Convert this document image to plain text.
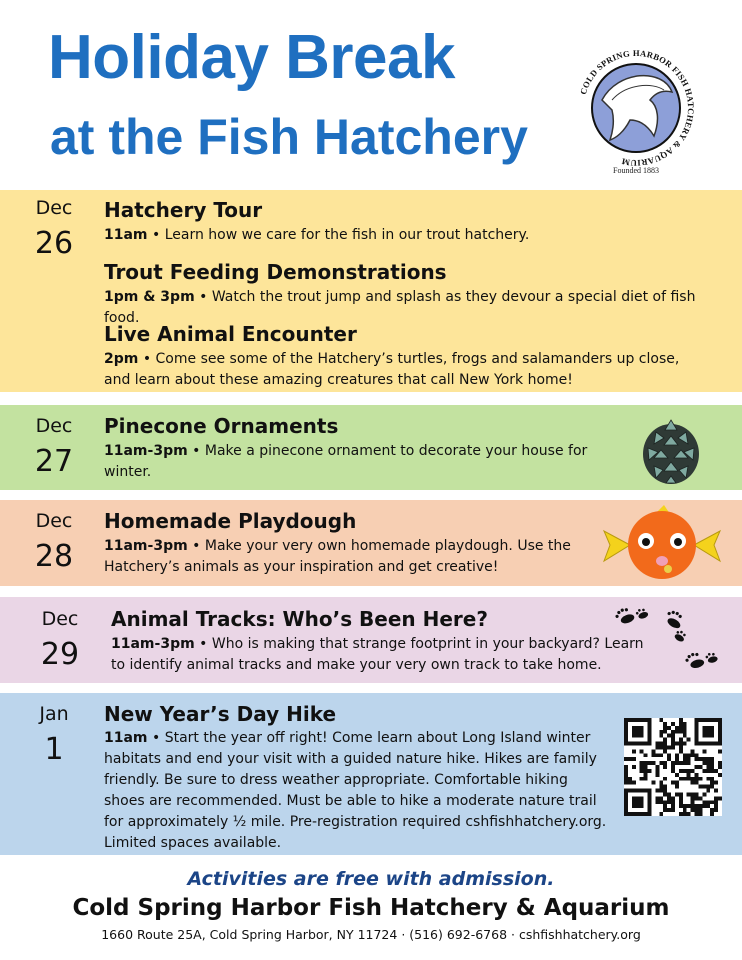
Holiday Break
at the Fish Hatchery
COLD SPRING HARBOR FISH HATCHERY & AQUARIUM
Founded 1883
Dec
26
Hatchery Tour
11am • Learn how we care for the fish in our trout hatchery.
Trout Feeding Demonstrations
1pm & 3pm • Watch the trout jump and splash as they devour a special diet of fish food.
Live Animal Encounter
2pm • Come see some of the Hatchery’s turtles, frogs and salamanders up close, and learn about these amazing creatures that call New York home!
Dec
27
Pinecone Ornaments
11am-3pm • Make a pinecone ornament to decorate your house for winter.
Dec
28
Homemade Playdough
11am-3pm • Make your very own homemade playdough. Use the Hatchery’s animals as your inspiration and get creative!
Dec
29
Animal Tracks: Who’s Been Here?
11am-3pm • Who is making that strange footprint in your backyard? Learn to identify animal tracks and make your very own track to take home.
Jan
1
New Year’s Day Hike
11am • Start the year off right! Come learn about Long Island winter habitats and end your visit with a guided nature hike. Hikes are family friendly. Be sure to dress weather appropriate. Comfortable hiking shoes are recommended. Must be able to hike a moderate nature trail for approximately ½ mile. Pre-registration required cshfishhatchery.org. Limited spaces available.
Activities are free with admission.
Cold Spring Harbor Fish Hatchery & Aquarium
1660 Route 25A, Cold Spring Harbor, NY 11724 · (516) 692-6768 · cshfishhatchery.org
